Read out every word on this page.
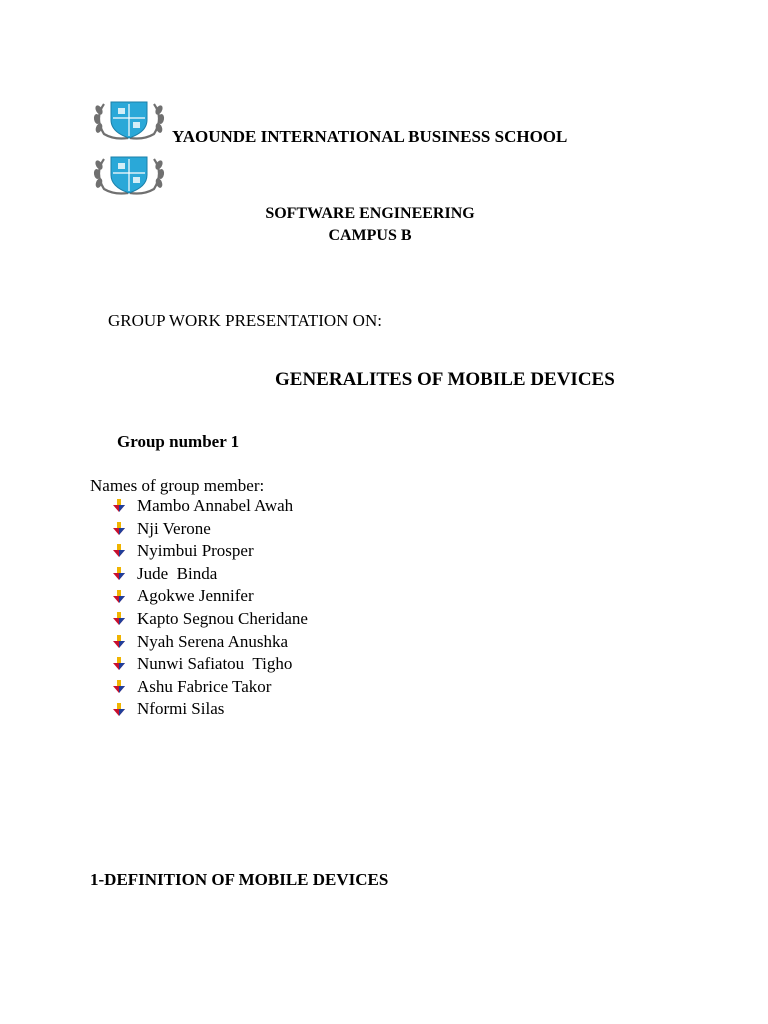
YAOUNDE INTERNATIONAL BUSINESS SCHOOL
SOFTWARE ENGINEERING
CAMPUS B
GROUP WORK PRESENTATION ON:
GENERALITES OF MOBILE DEVICES
Group number 1
Names of group member:
Mambo Annabel Awah
Nji Verone
Nyimbui Prosper
Jude  Binda
Agokwe Jennifer
Kapto Segnou Cheridane
Nyah Serena Anushka
Nunwi Safiatou  Tigho
Ashu Fabrice Takor
Nformi Silas
1-DEFINITION OF MOBILE DEVICES
